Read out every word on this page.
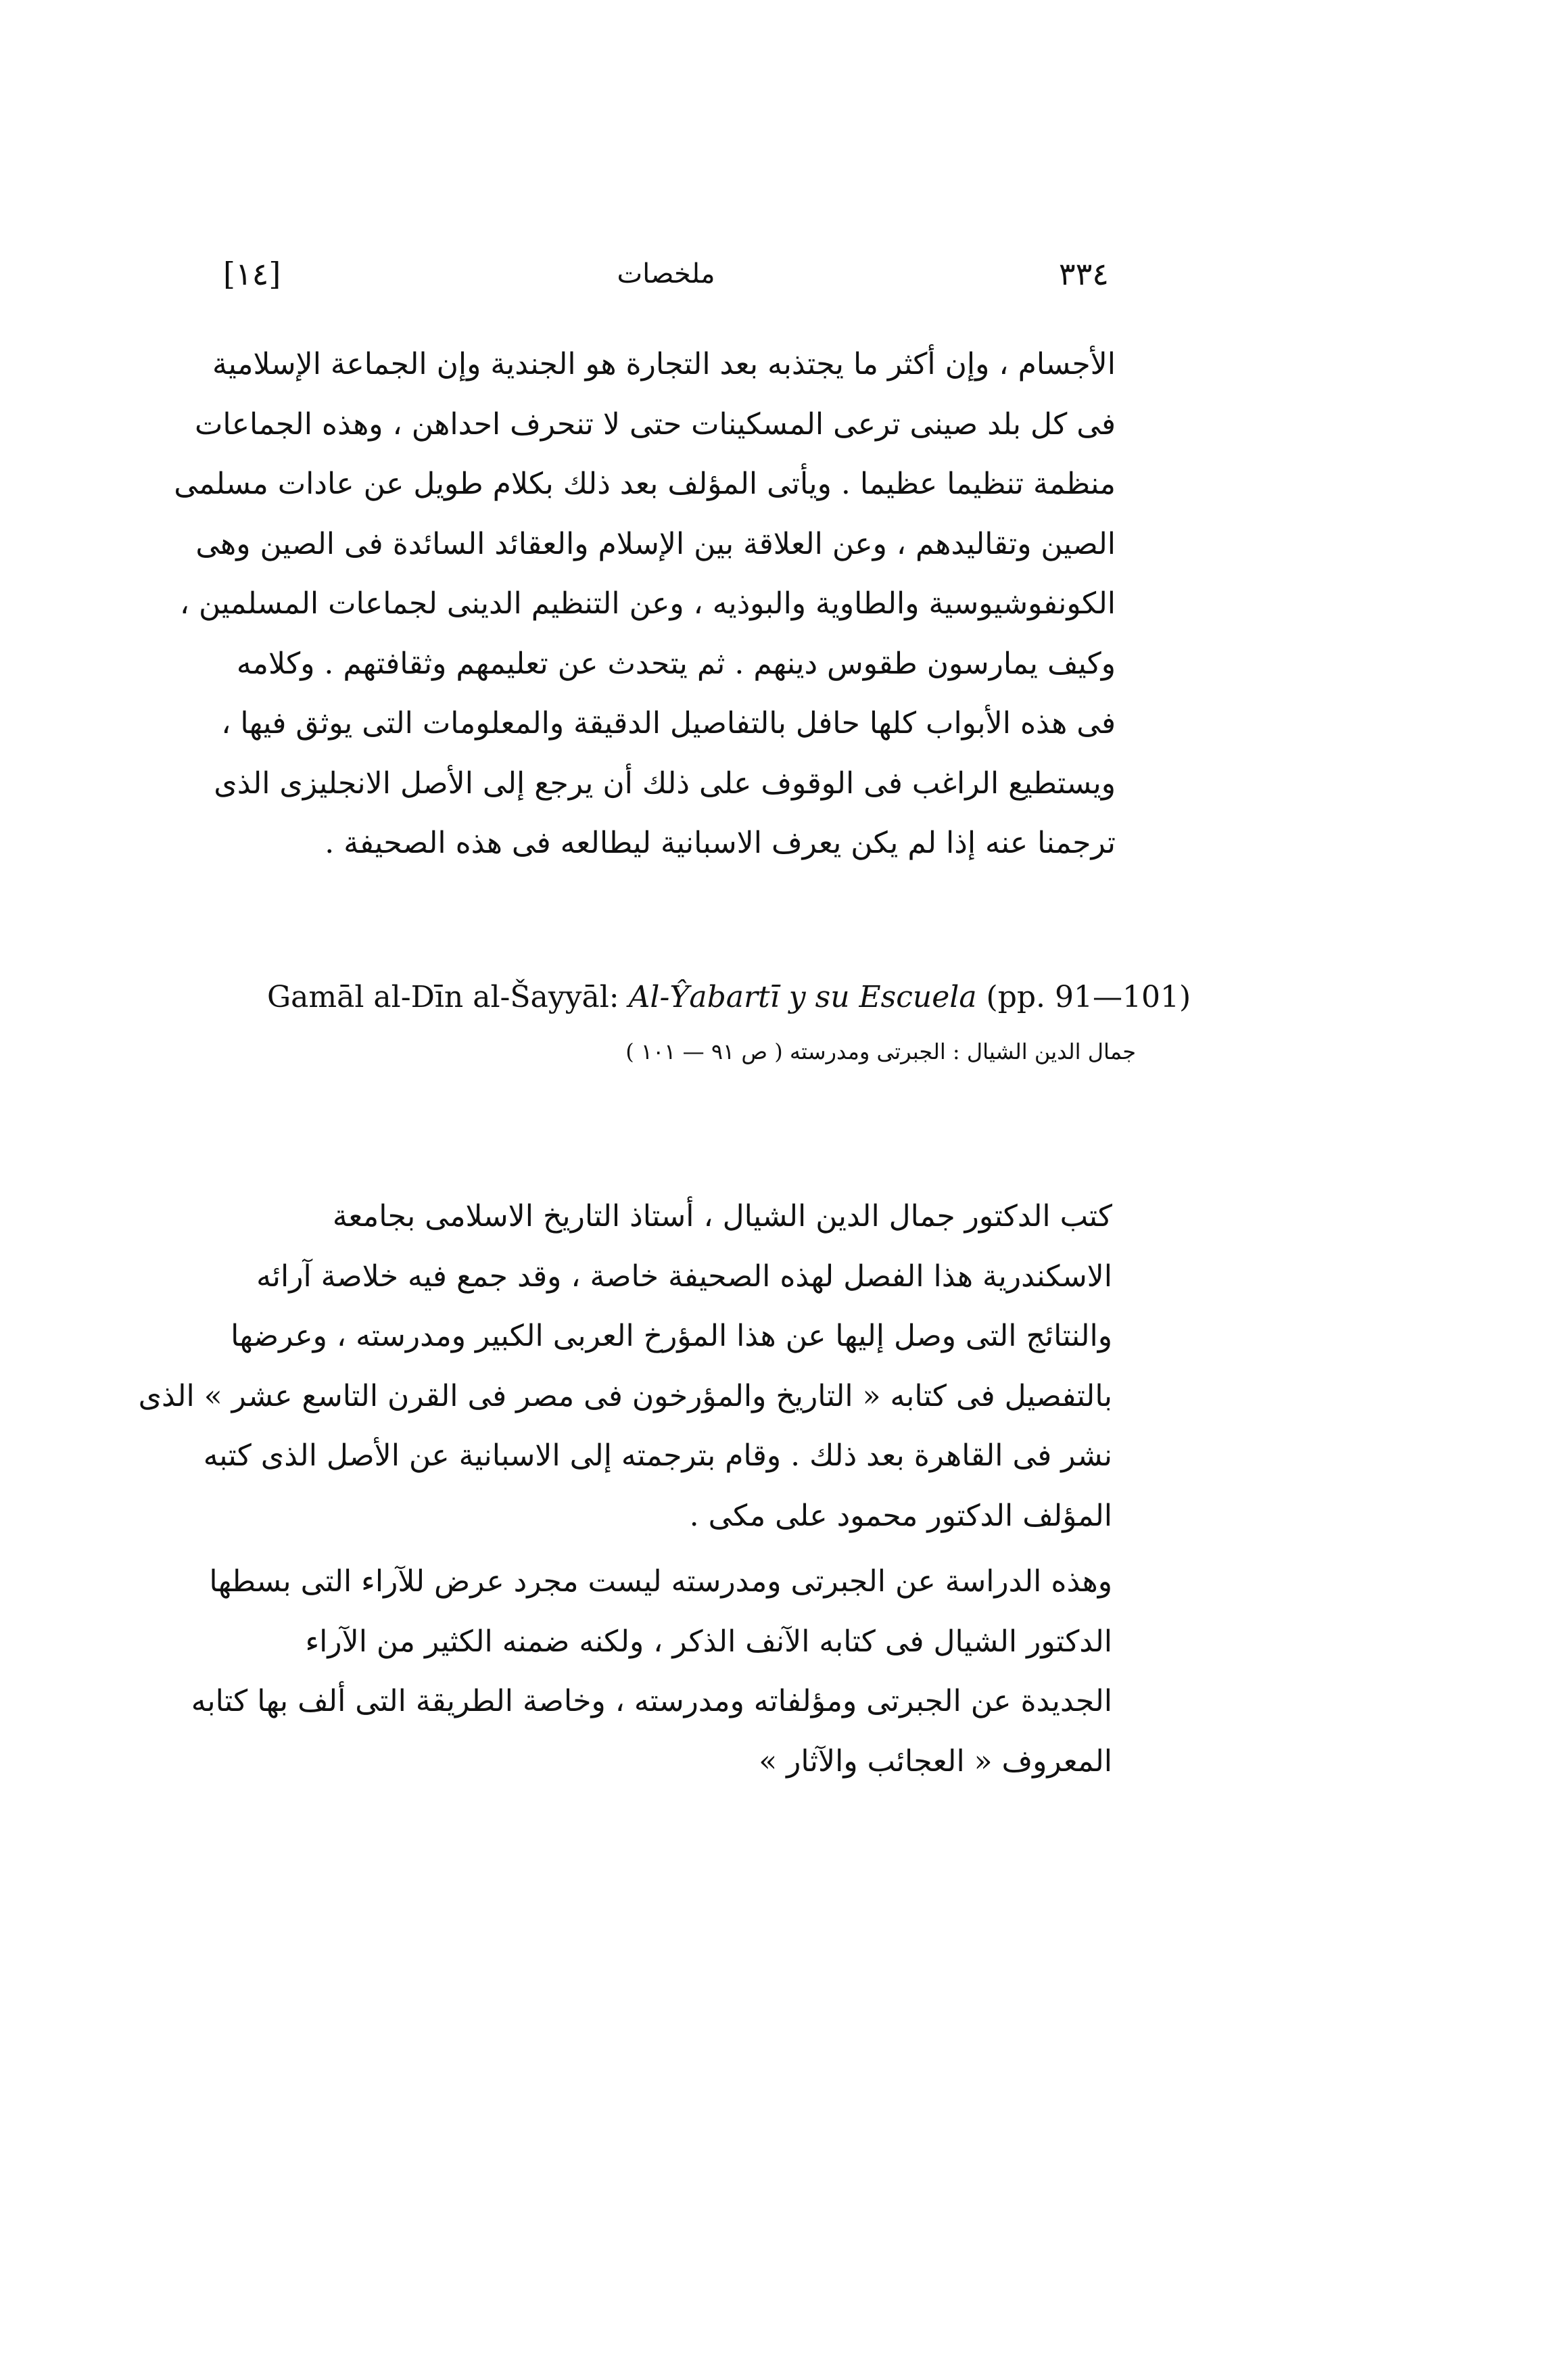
[١٤]	ملخصات	٣٣٤
الأجسام ، وإن أكثر ما يجتذبه بعد التجارة هو الجندية وإن الجماعة الإسلامية
فى كل بلد صينى ترعى المسكينات حتى لا تنحرف احداهن ، وهذه الجماعات
منظمة تنظيما عظيما . ويأتى المؤلف بعد ذلك بكلام طويل عن عادات مسلمى
الصين وتقاليدهم ، وعن العلاقة بين الإسلام والعقائد السائدة فى الصين وهى
الكونفوشيوسية والطاوية والبوذيه ، وعن التنظيم الدينى لجماعات المسلمين ،
وكيف يمارسون طقوس دينهم . ثم يتحدث عن تعليمهم وثقافتهم . وكلامه
فى هذه الأبواب كلها حافل بالتفاصيل الدقيقة والمعلومات التى يوثق فيها ،
ويستطيع الراغب فى الوقوف على ذلك أن يرجع إلى الأصل الانجليزى الذى
ترجمنا عنه إذا لم يكن يعرف الاسبانية ليطالعه فى هذه الصحيفة .
Gamāl al-Dīn al-Šayyāl: Al-Ŷabartī y su Escuela (pp. 91—101)
جمال الدين الشيال : الجبرتى ومدرسته ( ص ٩١ — ١٠١ )
كتب الدكتور جمال الدين الشيال ، أستاذ التاريخ الاسلامى بجامعة
الاسكندرية هذا الفصل لهذه الصحيفة خاصة ، وقد جمع فيه خلاصة آرائه
والنتائج التى وصل إليها عن هذا المؤرخ العربى الكبير ومدرسته ، وعرضها
بالتفصيل فى كتابه « التاريخ والمؤرخون فى مصر فى القرن التاسع عشر » الذى
نشر فى القاهرة بعد ذلك . وقام بترجمته إلى الاسبانية عن الأصل الذى كتبه
المؤلف الدكتور محمود على مكى .
وهذه الدراسة عن الجبرتى ومدرسته ليست مجرد عرض للآراء التى بسطها
الدكتور الشيال فى كتابه الآنف الذكر ، ولكنه ضمنه الكثير من الآراء
الجديدة عن الجبرتى ومؤلفاته ومدرسته ، وخاصة الطريقة التى ألف بها كتابه
المعروف « العجائب والآثار »
